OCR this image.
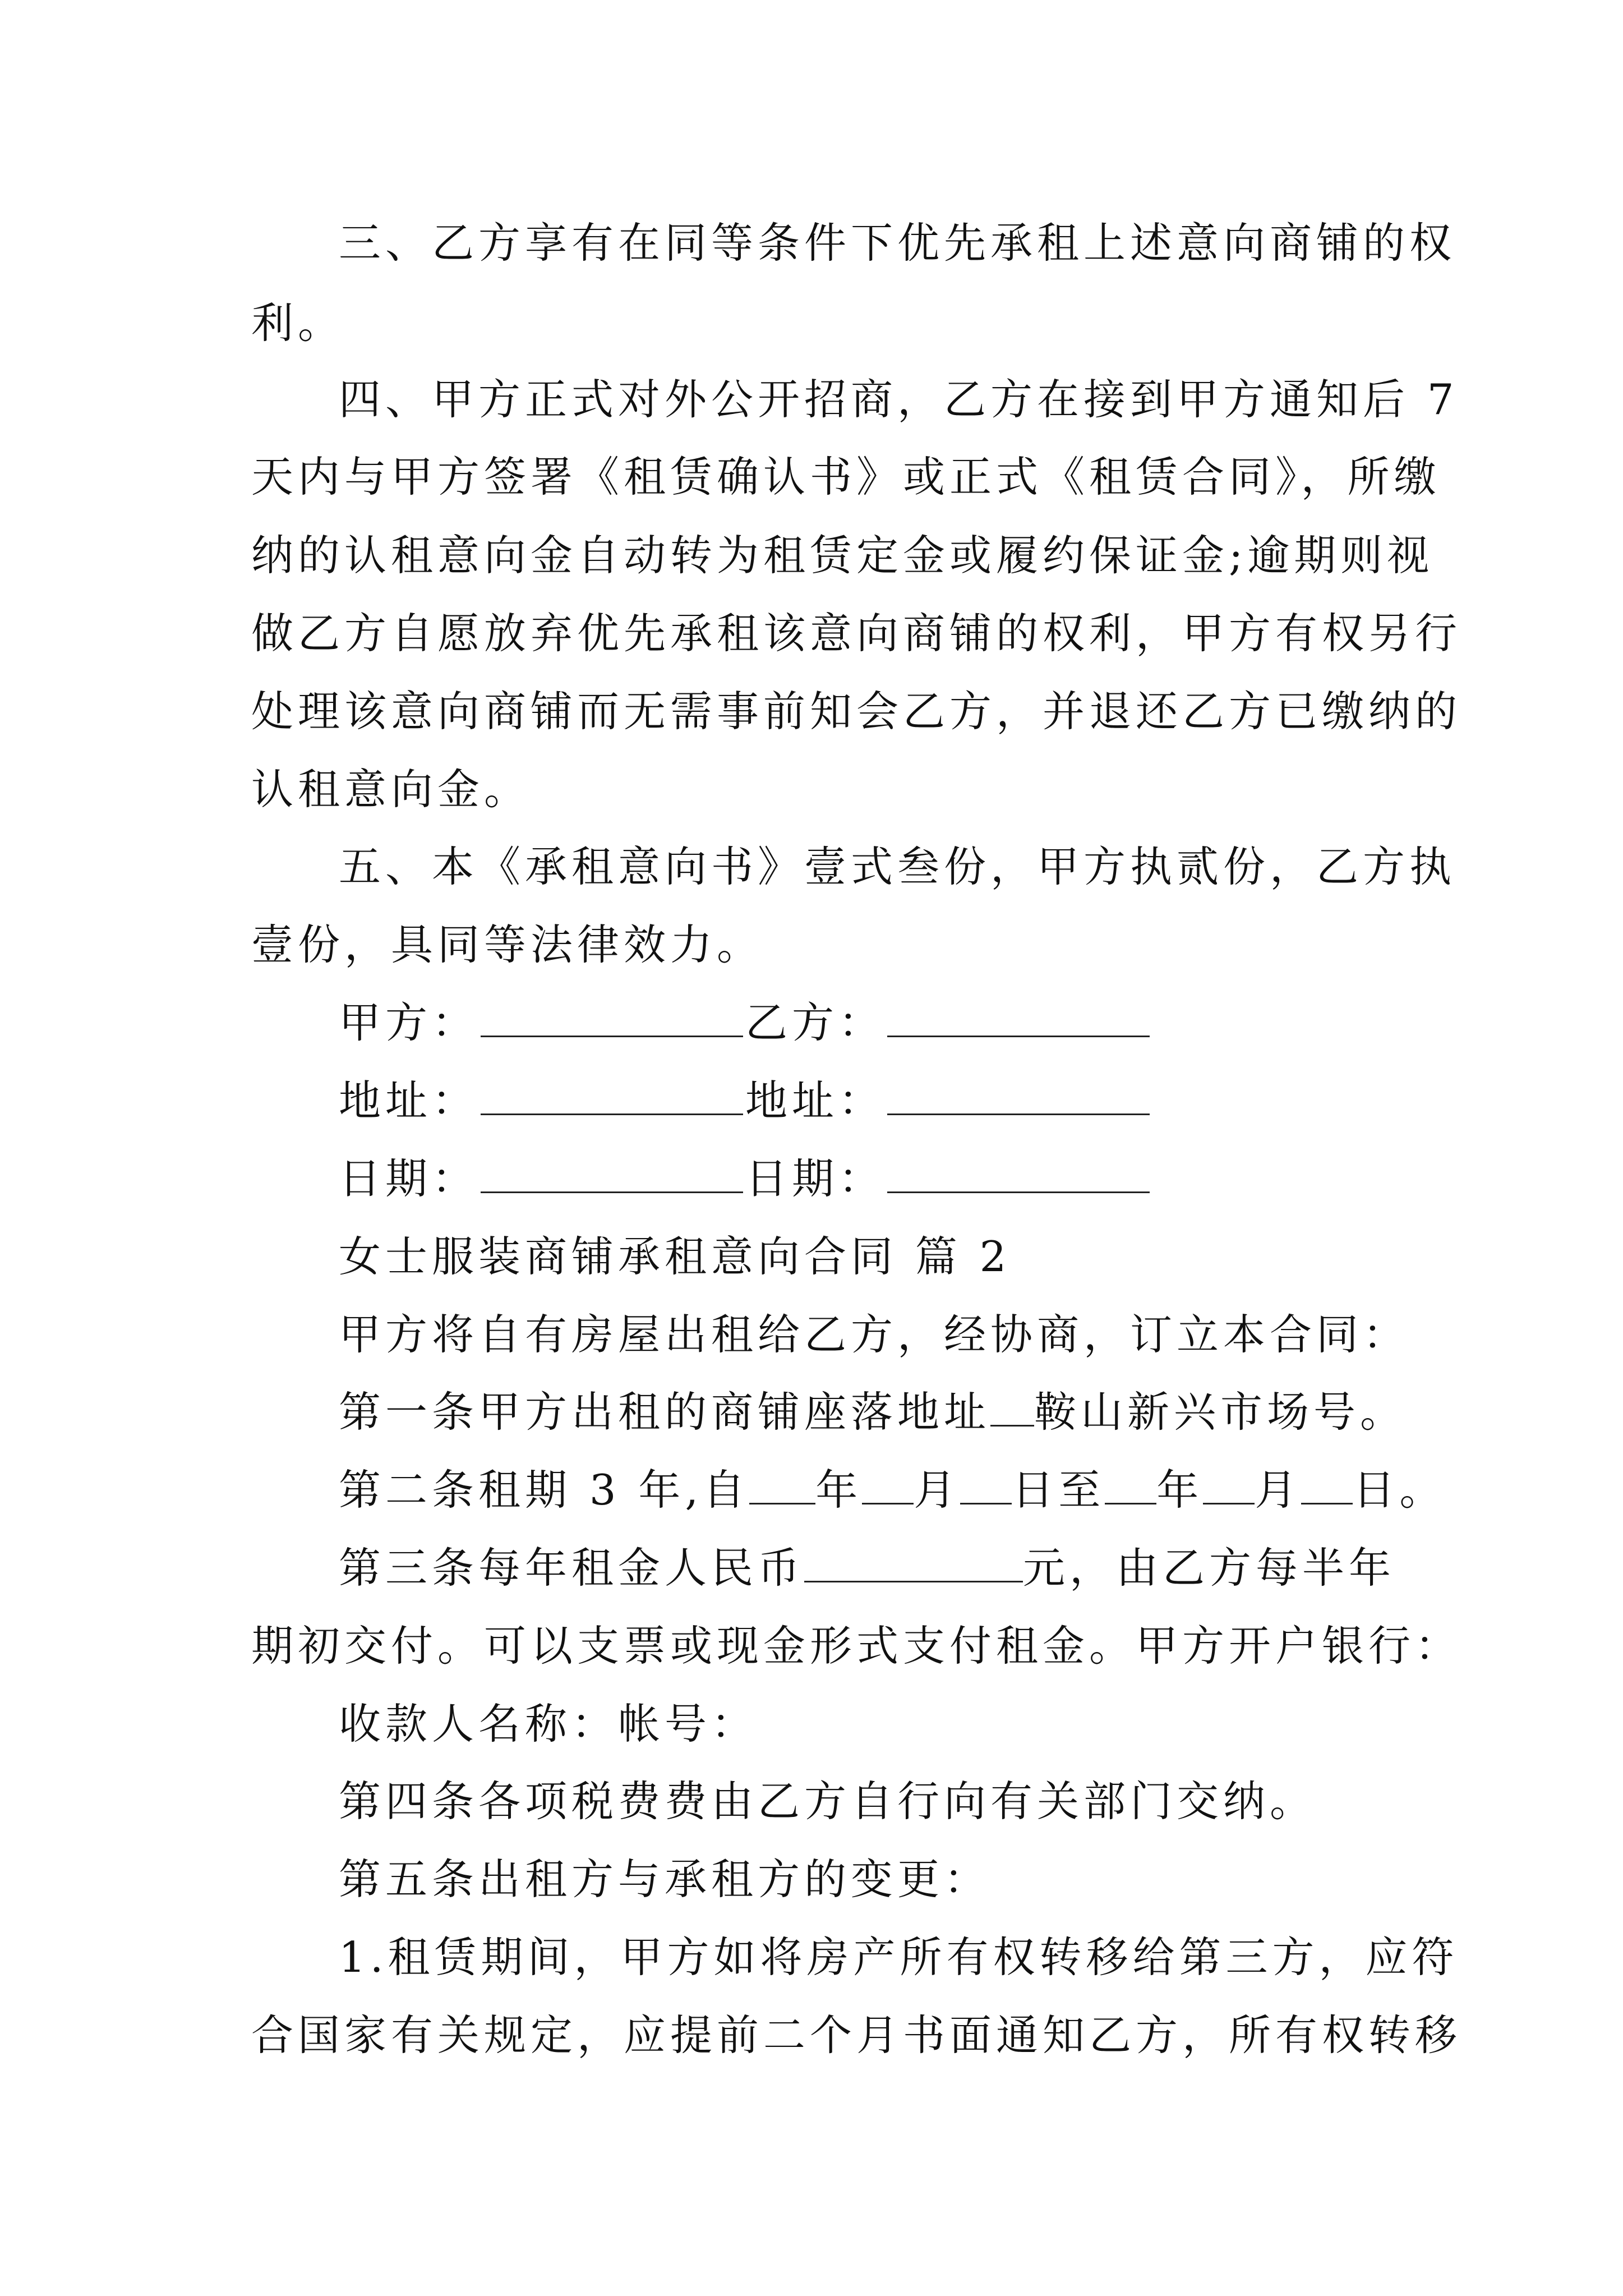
三、乙方享有在同等条件下优先承租上述意向商铺的权
利。
四、甲方正式对外公开招商，乙方在接到甲方通知后 7
天内与甲方签署《租赁确认书》或正式《租赁合同》，所缴
纳的认租意向金自动转为租赁定金或履约保证金;逾期则视
做乙方自愿放弃优先承租该意向商铺的权利，甲方有权另行
处理该意向商铺而无需事前知会乙方，并退还乙方已缴纳的
认租意向金。
五、本《承租意向书》壹式叁份，甲方执贰份，乙方执
壹份，具同等法律效力。
甲方：	乙方：
地址：	地址：
日期：	日期：
女士服装商铺承租意向合同 篇 2
甲方将自有房屋出租给乙方，经协商，订立本合同：
第一条甲方出租的商铺座落地址 鞍山新兴市场号。
第二条租期 3 年,自 年 月 日至 年 月 日。
第三条每年租金人民币	元，由乙方每半年
期初交付。可以支票或现金形式支付租金。甲方开户银行：
收款人名称：帐号：
第四条各项税费费由乙方自行向有关部门交纳。
第五条出租方与承租方的变更：
1.租赁期间，甲方如将房产所有权转移给第三方，应符
合国家有关规定，应提前二个月书面通知乙方，所有权转移
